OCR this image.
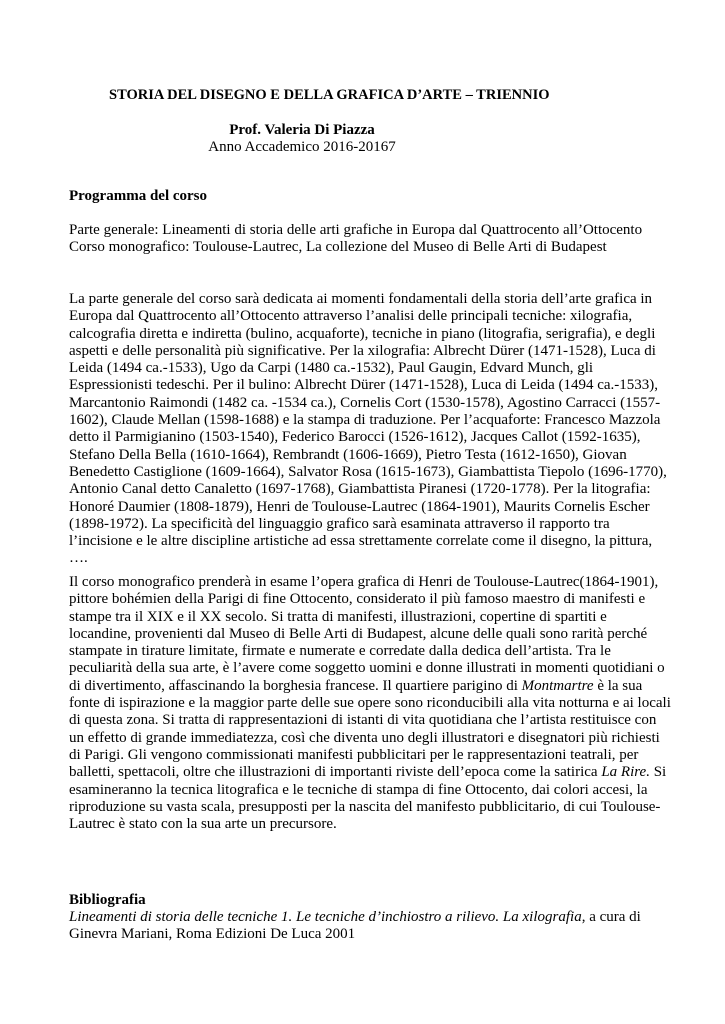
STORIA DEL DISEGNO E DELLA GRAFICA D’ARTE – TRIENNIO
Prof. Valeria Di Piazza
Anno Accademico 2016-20167
Programma del corso
Parte generale: Lineamenti di storia delle arti grafiche in Europa dal Quattrocento all’Ottocento
Corso monografico: Toulouse-Lautrec, La collezione del Museo di Belle Arti di Budapest
La parte generale del corso sarà dedicata ai momenti fondamentali della storia dell’arte grafica in
Europa dal Quattrocento all’Ottocento attraverso l’analisi delle principali tecniche: xilografia,
calcografia diretta e indiretta (bulino, acquaforte), tecniche in piano (litografia, serigrafia), e degli
aspetti e delle personalità più significative. Per la xilografia: Albrecht Dürer (1471-1528), Luca di
Leida (1494 ca.-1533), Ugo da Carpi (1480 ca.-1532), Paul Gaugin, Edvard Munch, gli
Espressionisti tedeschi. Per il bulino: Albrecht Dürer (1471-1528), Luca di Leida (1494 ca.-1533),
Marcantonio Raimondi (1482 ca. -1534 ca.), Cornelis Cort (1530-1578), Agostino Carracci (1557-
1602), Claude Mellan (1598-1688) e la stampa di traduzione. Per l’acquaforte: Francesco Mazzola
detto il Parmigianino (1503-1540), Federico Barocci (1526-1612), Jacques Callot (1592-1635),
Stefano Della Bella (1610-1664), Rembrandt (1606-1669), Pietro Testa (1612-1650), Giovan
Benedetto Castiglione (1609-1664), Salvator Rosa (1615-1673), Giambattista Tiepolo (1696-1770),
Antonio Canal detto Canaletto (1697-1768), Giambattista Piranesi (1720-1778). Per la litografia:
Honoré Daumier (1808-1879), Henri de Toulouse-Lautrec (1864-1901), Maurits Cornelis Escher
(1898-1972). La specificità del linguaggio grafico sarà esaminata attraverso il rapporto tra
l’incisione e le altre discipline artistiche ad essa strettamente correlate come il disegno, la pittura,
….
Il corso monografico prenderà in esame l’opera grafica di Henri de Toulouse-Lautrec(1864-1901),
pittore bohémien della Parigi di fine Ottocento, considerato il più famoso maestro di manifesti e
stampe tra il XIX e il XX secolo. Si tratta di manifesti, illustrazioni, copertine di spartiti e
locandine, provenienti dal Museo di Belle Arti di Budapest, alcune delle quali sono rarità perché
stampate in tirature limitate, firmate e numerate e corredate dalla dedica dell’artista. Tra le
peculiarità della sua arte, è l’avere come soggetto uomini e donne illustrati in momenti quotidiani o
di divertimento, affascinando la borghesia francese. Il quartiere parigino di Montmartre è la sua
fonte di ispirazione e la maggior parte delle sue opere sono riconducibili alla vita notturna e ai locali
di questa zona. Si tratta di rappresentazioni di istanti di vita quotidiana che l’artista restituisce con
un effetto di grande immediatezza, così che diventa uno degli illustratori e disegnatori più richiesti
di Parigi. Gli vengono commissionati manifesti pubblicitari per le rappresentazioni teatrali, per
balletti, spettacoli, oltre che illustrazioni di importanti riviste dell’epoca come la satirica La Rire. Si
esamineranno la tecnica litografica e le tecniche di stampa di fine Ottocento, dai colori accesi, la
riproduzione su vasta scala, presupposti per la nascita del manifesto pubblicitario, di cui Toulouse-
Lautrec è stato con la sua arte un precursore.
Bibliografia
Lineamenti di storia delle tecniche 1. Le tecniche d’inchiostro a rilievo. La xilografia, a cura di
Ginevra Mariani, Roma Edizioni De Luca 2001
